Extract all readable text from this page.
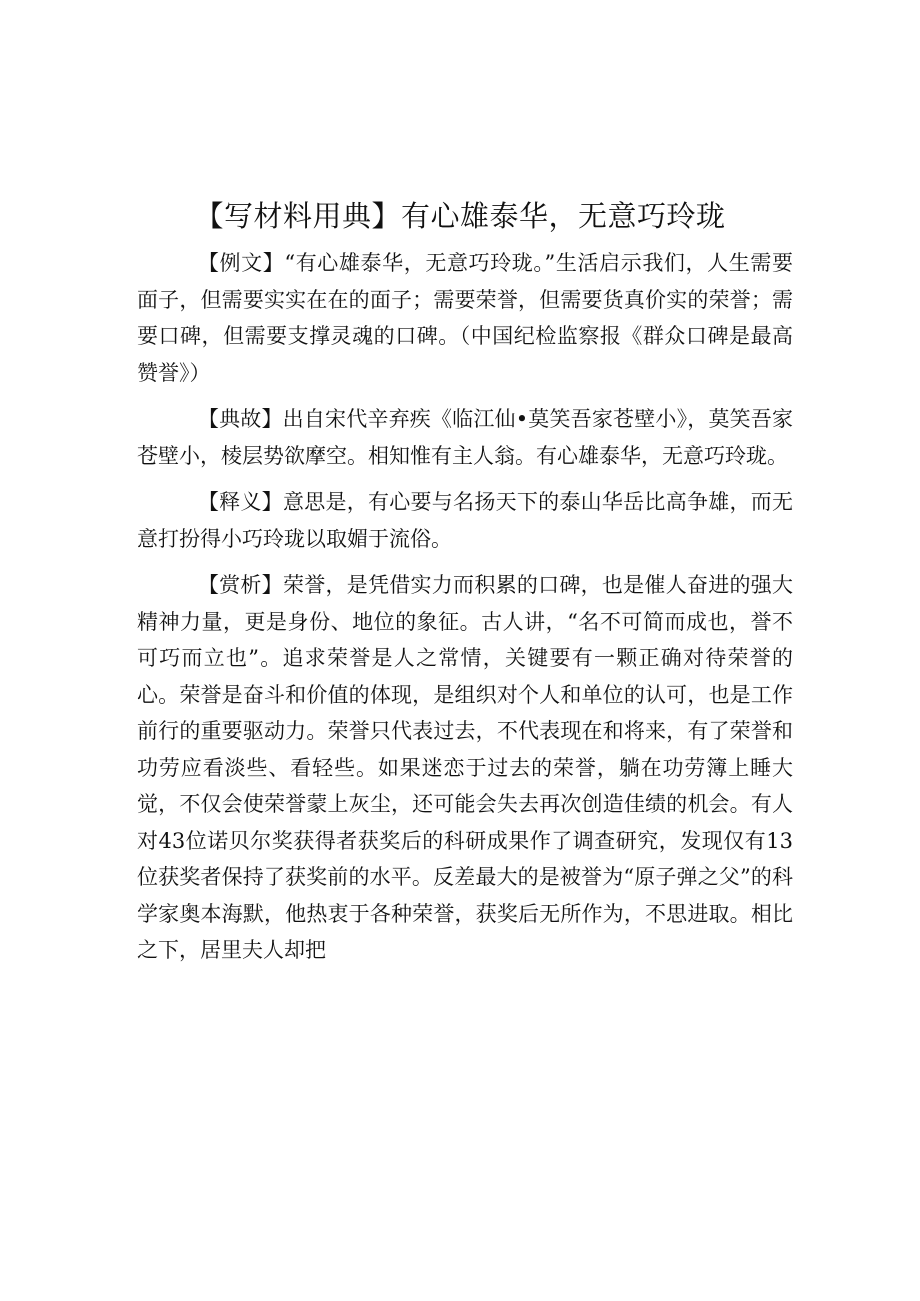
【写材料用典】有心雄泰华，无意巧玲珑

【例文】“有心雄泰华，无意巧玲珑。”生活启示我们，人生需要面子，但需要实实在在的面子；需要荣誉，但需要货真价实的荣誉；需要口碑，但需要支撑灵魂的口碑。（中国纪检监察报《群众口碑是最高赞誉》）

【典故】出自宋代辛弃疾《临江仙•莫笑吾家苍壁小》，莫笑吾家苍壁小，棱层势欲摩空。相知惟有主人翁。有心雄泰华，无意巧玲珑。

【释义】意思是，有心要与名扬天下的泰山华岳比高争雄，而无意打扮得小巧玲珑以取媚于流俗。

【赏析】荣誉，是凭借实力而积累的口碑，也是催人奋进的强大精神力量，更是身份、地位的象征。古人讲，“名不可简而成也，誉不可巧而立也”。追求荣誉是人之常情，关键要有一颗正确对待荣誉的心。荣誉是奋斗和价值的体现，是组织对个人和单位的认可，也是工作前行的重要驱动力。荣誉只代表过去，不代表现在和将来，有了荣誉和功劳应看淡些、看轻些。如果迷恋于过去的荣誉，躺在功劳簿上睡大觉，不仅会使荣誉蒙上灰尘，还可能会失去再次创造佳绩的机会。有人对43位诺贝尔奖获得者获奖后的科研成果作了调查研究，发现仅有13位获奖者保持了获奖前的水平。反差最大的是被誉为“原子弹之父”的科学家奥本海默，他热衷于各种荣誉，获奖后无所作为，不思进取。相比之下，居里夫人却把
